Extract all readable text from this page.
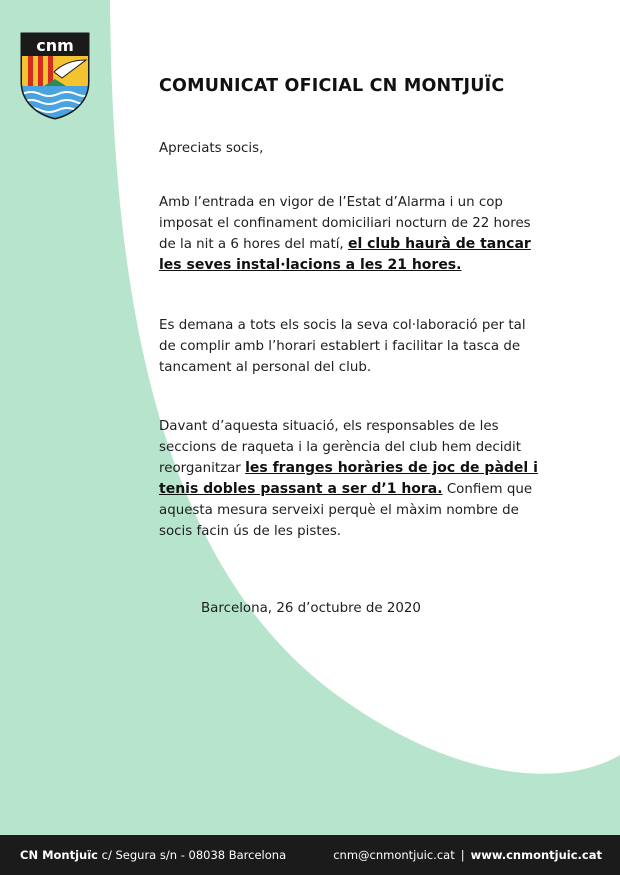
cnm
COMUNICAT OFICIAL CN MONTJUÏC

Apreciats socis,

Amb l’entrada en vigor de l’Estat d’Alarma i un cop imposat el confinament domiciliari nocturn de 22 hores de la nit a 6 hores del matí, el club haurà de tancar les seves instal·lacions a les 21 hores.

Es demana a tots els socis la seva col·laboració per tal de complir amb l’horari establert i facilitar la tasca de tancament al personal del club.

Davant d’aquesta situació, els responsables de les seccions de raqueta i la gerència del club hem decidit reorganitzar les franges horàries de joc de pàdel i tenis dobles passant a ser d’1 hora. Confiem que aquesta mesura serveixi perquè el màxim nombre de socis facin ús de les pistes.

Barcelona, 26 d’octubre de 2020

CN Montjuïc c/ Segura s/n - 08038 Barcelona	cnm@cnmontjuic.cat | www.cnmontjuic.cat
